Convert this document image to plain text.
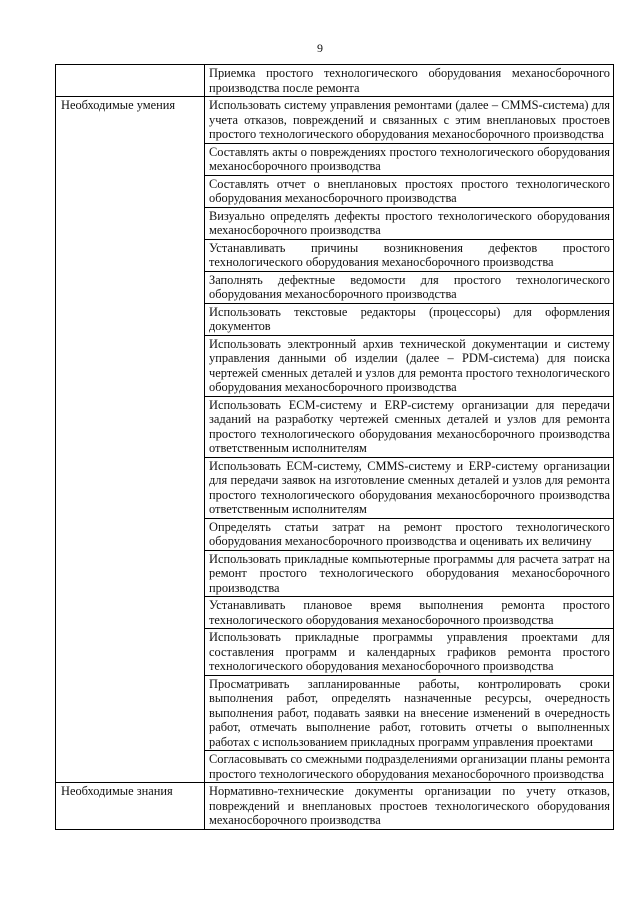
9
	Приемка простого технологического оборудования механосборочного производства после ремонта
Необходимые умения	Использовать систему управления ремонтами (далее – CMMS-система) для учета отказов, повреждений и связанных с этим внеплановых простоев простого технологического оборудования механосборочного производства
	Составлять акты о повреждениях простого технологического оборудования механосборочного производства
	Составлять отчет о внеплановых простоях простого технологического оборудования механосборочного производства
	Визуально определять дефекты простого технологического оборудования механосборочного производства
	Устанавливать причины возникновения дефектов простого технологического оборудования механосборочного производства
	Заполнять дефектные ведомости для простого технологического оборудования механосборочного производства
	Использовать текстовые редакторы (процессоры) для оформления документов
	Использовать электронный архив технической документации и систему управления данными об изделии (далее – PDM-система) для поиска чертежей сменных деталей и узлов для ремонта простого технологического оборудования механосборочного производства
	Использовать ECM-систему и ERP-систему организации для передачи заданий на разработку чертежей сменных деталей и узлов для ремонта простого технологического оборудования механосборочного производства ответственным исполнителям
	Использовать ECM-систему, CMMS-систему и ERP-систему организации для передачи заявок на изготовление сменных деталей и узлов для ремонта простого технологического оборудования механосборочного производства ответственным исполнителям
	Определять статьи затрат на ремонт простого технологического оборудования механосборочного производства и оценивать их величину
	Использовать прикладные компьютерные программы для расчета затрат на ремонт простого технологического оборудования механосборочного производства
	Устанавливать плановое время выполнения ремонта простого технологического оборудования механосборочного производства
	Использовать прикладные программы управления проектами для составления программ и календарных графиков ремонта простого технологического оборудования механосборочного производства
	Просматривать запланированные работы, контролировать сроки выполнения работ, определять назначенные ресурсы, очередность выполнения работ, подавать заявки на внесение изменений в очередность работ, отмечать выполнение работ, готовить отчеты о выполненных работах с использованием прикладных программ управления проектами
	Согласовывать со смежными подразделениями организации планы ремонта простого технологического оборудования механосборочного производства
Необходимые знания	Нормативно-технические документы организации по учету отказов, повреждений и внеплановых простоев технологического оборудования механосборочного производства
